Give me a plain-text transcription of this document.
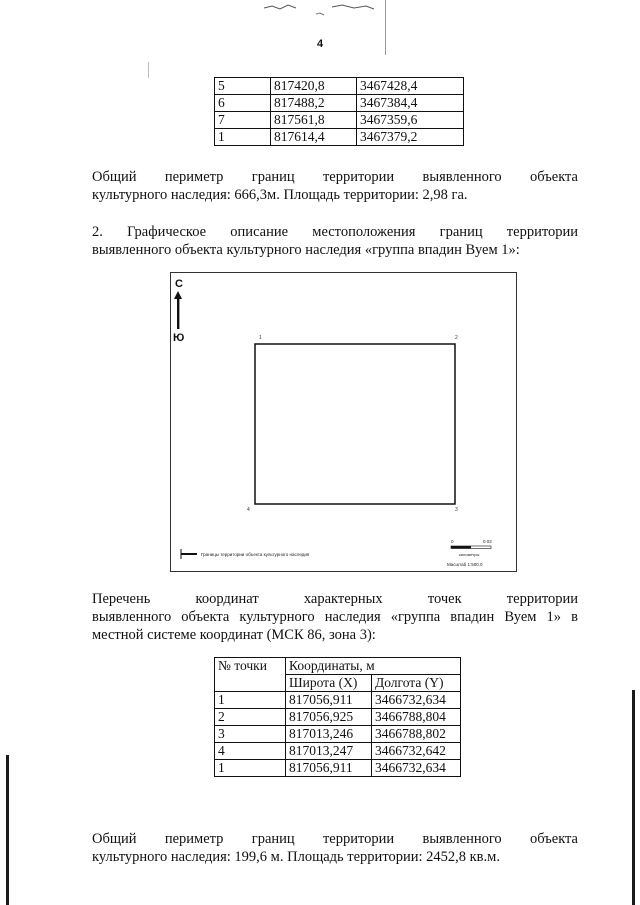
4
5	817420,8	3467428,4
6	817488,2	3467384,4
7	817561,8	3467359,6
1	817614,4	3467379,2
Общий периметр границ территории выявленного объекта
культурного наследия: 666,3м. Площадь территории: 2,98 га.
2. Графическое описание местоположения границ территории
выявленного объекта культурного наследия «группа впадин Вуем 1»:
С
Ю	1	2
3
4
Границы территории объекта культурного наследия
0	0 02
километры
Масштаб 1:500.0
Перечень координат характерных точек территории
выявленного объекта культурного наследия «группа впадин Вуем 1» в
местной системе координат (МСК 86, зона 3):
№ точки	Координаты, м	
	Широта (X)	Долгота (Y)
1	817056,911	3466732,634
2	817056,925	3466788,804
3	817013,246	3466788,802
4	817013,247	3466732,642
1	817056,911	3466732,634
Общий периметр границ территории выявленного объекта
культурного наследия: 199,6 м. Площадь территории: 2452,8 кв.м.
